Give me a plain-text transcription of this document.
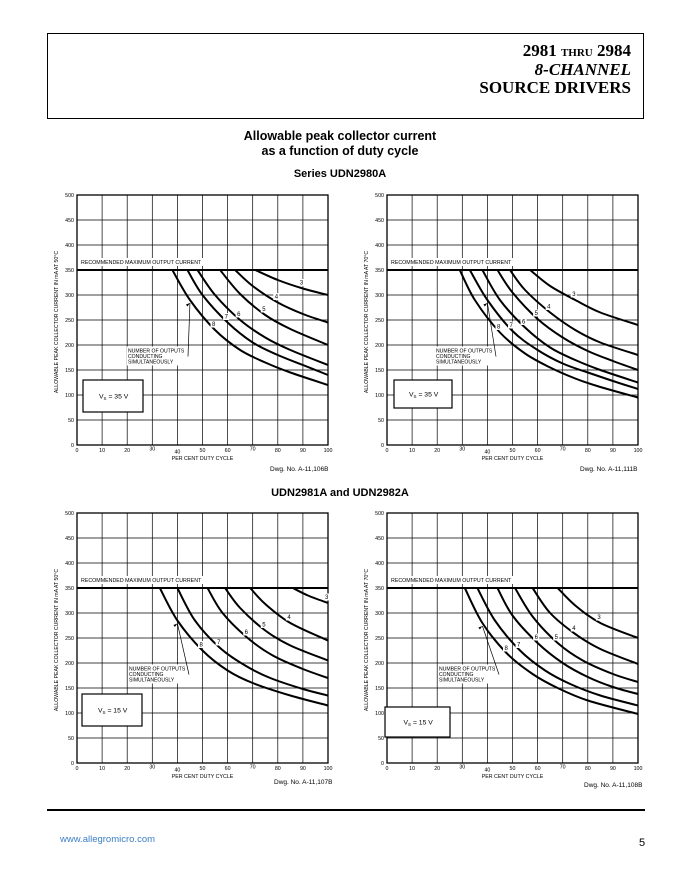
2981 THRU 2984
8-CHANNEL
SOURCE DRIVERS
Allowable peak collector current
as a function of duty cycle
Series UDN2980A
UDN2981A and UDN2982A
0	10	20	30	40	50	60	70	80	90	100
0
50
100
150
200
250
300
350
400
450
500
PER CENT DUTY CYCLE
ALLOWABLE PEAK COLLECTOR CURRENT IN mA AT 50°C	RECOMMENDED MAXIMUM OUTPUT CURRENT
3
4
5
6
7
8
NUMBER OF OUTPUTS
CONDUCTING
SIMULTANEOUSLY
$V_S = 35$ V
0	10	20	30	40	50	60	70	80	90	100
0
50
100
150
200
250
300
350
400
450
500
PER CENT DUTY CYCLE
ALLOWABLE PEAK COLLECTOR CURRENT IN mA AT 70°C	RECOMMENDED MAXIMUM OUTPUT CURRENT
3
4
5
6
7
8
NUMBER OF OUTPUTS
CONDUCTING
SIMULTANEOUSLY
$V_S = 35$ V
0	10	20	30	40	50	60	70	80	90	100
0
50
100
150
200
250
300
350
400
450
500
PER CENT DUTY CYCLE
ALLOWABLE PEAK COLLECTOR CURRENT IN mA AT 50°C	RECOMMENDED MAXIMUM OUTPUT CURRENT
3
4
5
6
7
8
NUMBER OF OUTPUTS
CONDUCTING
SIMULTANEOUSLY
$V_S = 15$ V
0	10	20	30	40	50	60	70	80	90	100
0
50
100
150
200
250
300
350
400
450
500
PER CENT DUTY CYCLE
ALLOWABLE PEAK COLLECTOR CURRENT IN mA AT 70°C	RECOMMENDED MAXIMUM OUTPUT CURRENT
3
4
5
6
7
8
NUMBER OF OUTPUTS
CONDUCTING
SIMULTANEOUSLY
$V_S = 15$ V
Dwg. No. A-11,106B	Dwg. No. A-11,111B
Dwg. No. A-11,107B	Dwg. No. A-11,108B
www.allegromicro.com	5
